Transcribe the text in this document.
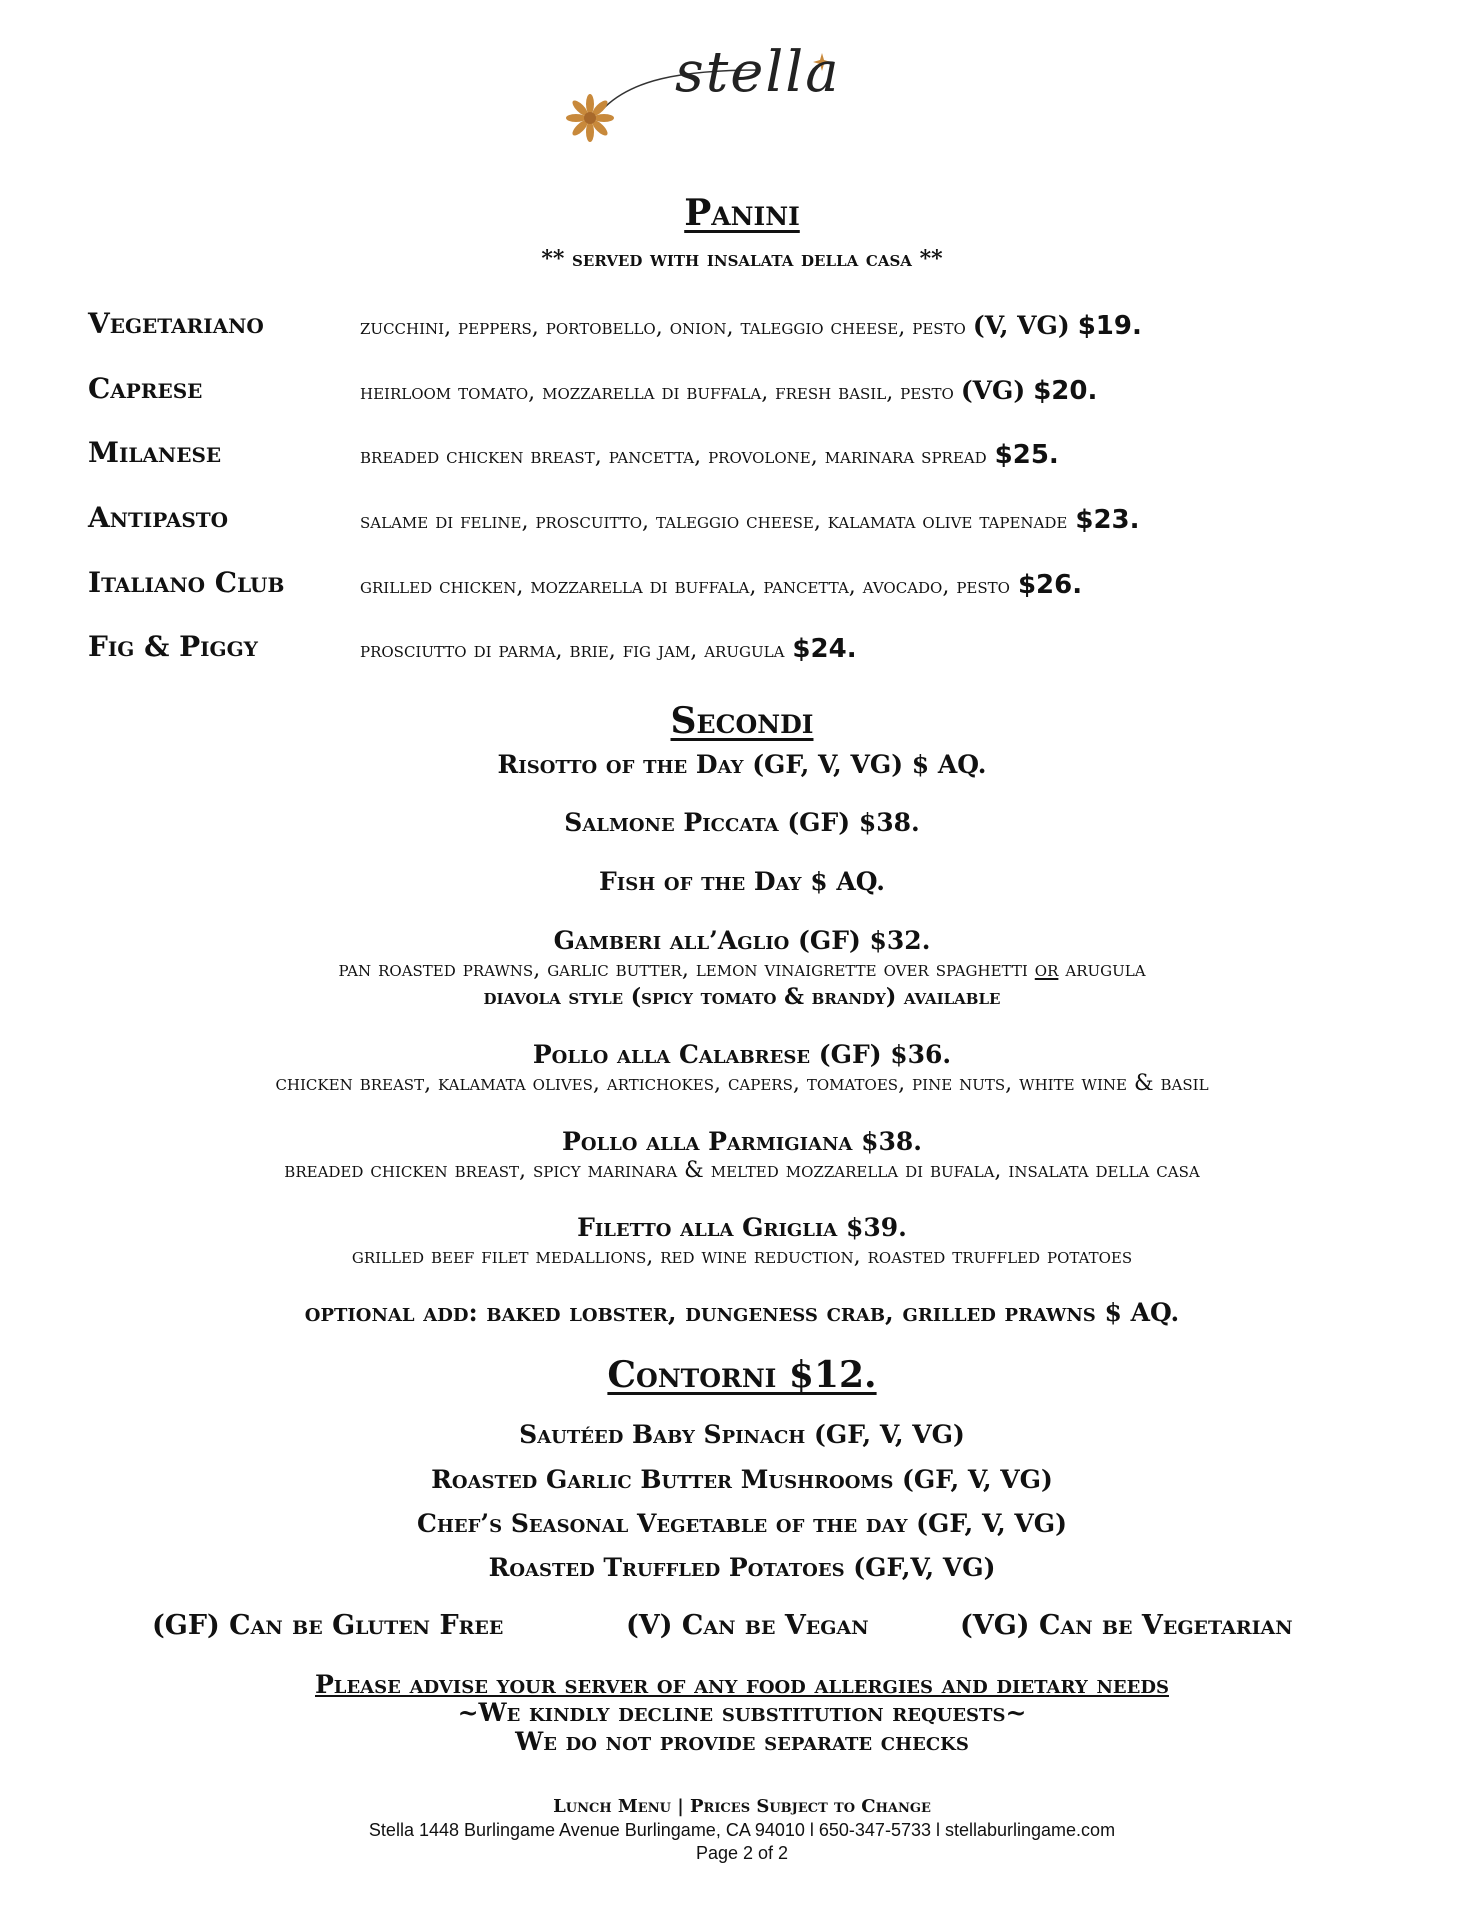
stella
Panini
** served with insalata della casa **
Vegetariano	zucchini, peppers, portobello, onion, taleggio cheese, pesto (V, VG) $19.
Caprese	heirloom tomato, mozzarella di buffala, fresh basil, pesto (VG) $20.
Milanese	breaded chicken breast, pancetta, provolone, marinara spread $25.
Antipasto	salame di feline, proscuitto, taleggio cheese, kalamata olive tapenade $23.
Italiano Club	grilled chicken, mozzarella di buffala, pancetta, avocado, pesto $26.
Fig & Piggy	prosciutto di parma, brie, fig jam, arugula $24.
Secondi
Risotto of the Day (GF, V, VG) $ AQ.
Salmone Piccata (GF) $38.
Fish of the Day $ AQ.
Gamberi all’Aglio (GF) $32.
pan roasted prawns, garlic butter, lemon vinaigrette over spaghetti or arugula
diavola style (spicy tomato & brandy) available
Pollo alla Calabrese (GF) $36.
chicken breast, kalamata olives, artichokes, capers, tomatoes, pine nuts, white wine & basil
Pollo alla Parmigiana $38.
breaded chicken breast, spicy marinara & melted mozzarella di bufala, insalata della casa
Filetto alla Griglia $39.
grilled beef filet medallions, red wine reduction, roasted truffled potatoes
optional add: baked lobster, dungeness crab, grilled prawns $ AQ.
Contorni $12.
Sautéed Baby Spinach (GF, V, VG)
Roasted Garlic Butter Mushrooms (GF, V, VG)
Chef’s Seasonal Vegetable of the day (GF, V, VG)
Roasted Truffled Potatoes (GF,V, VG)
(GF) Can be Gluten Free	(V) Can be Vegan	(VG) Can be Vegetarian
Please advise your server of any food allergies and dietary needs
~We kindly decline substitution requests~
We do not provide separate checks
Lunch Menu | Prices Subject to Change
Stella 1448 Burlingame Avenue Burlingame, CA 94010 l 650-347-5733 l stellaburlingame.com
Page 2 of 2
